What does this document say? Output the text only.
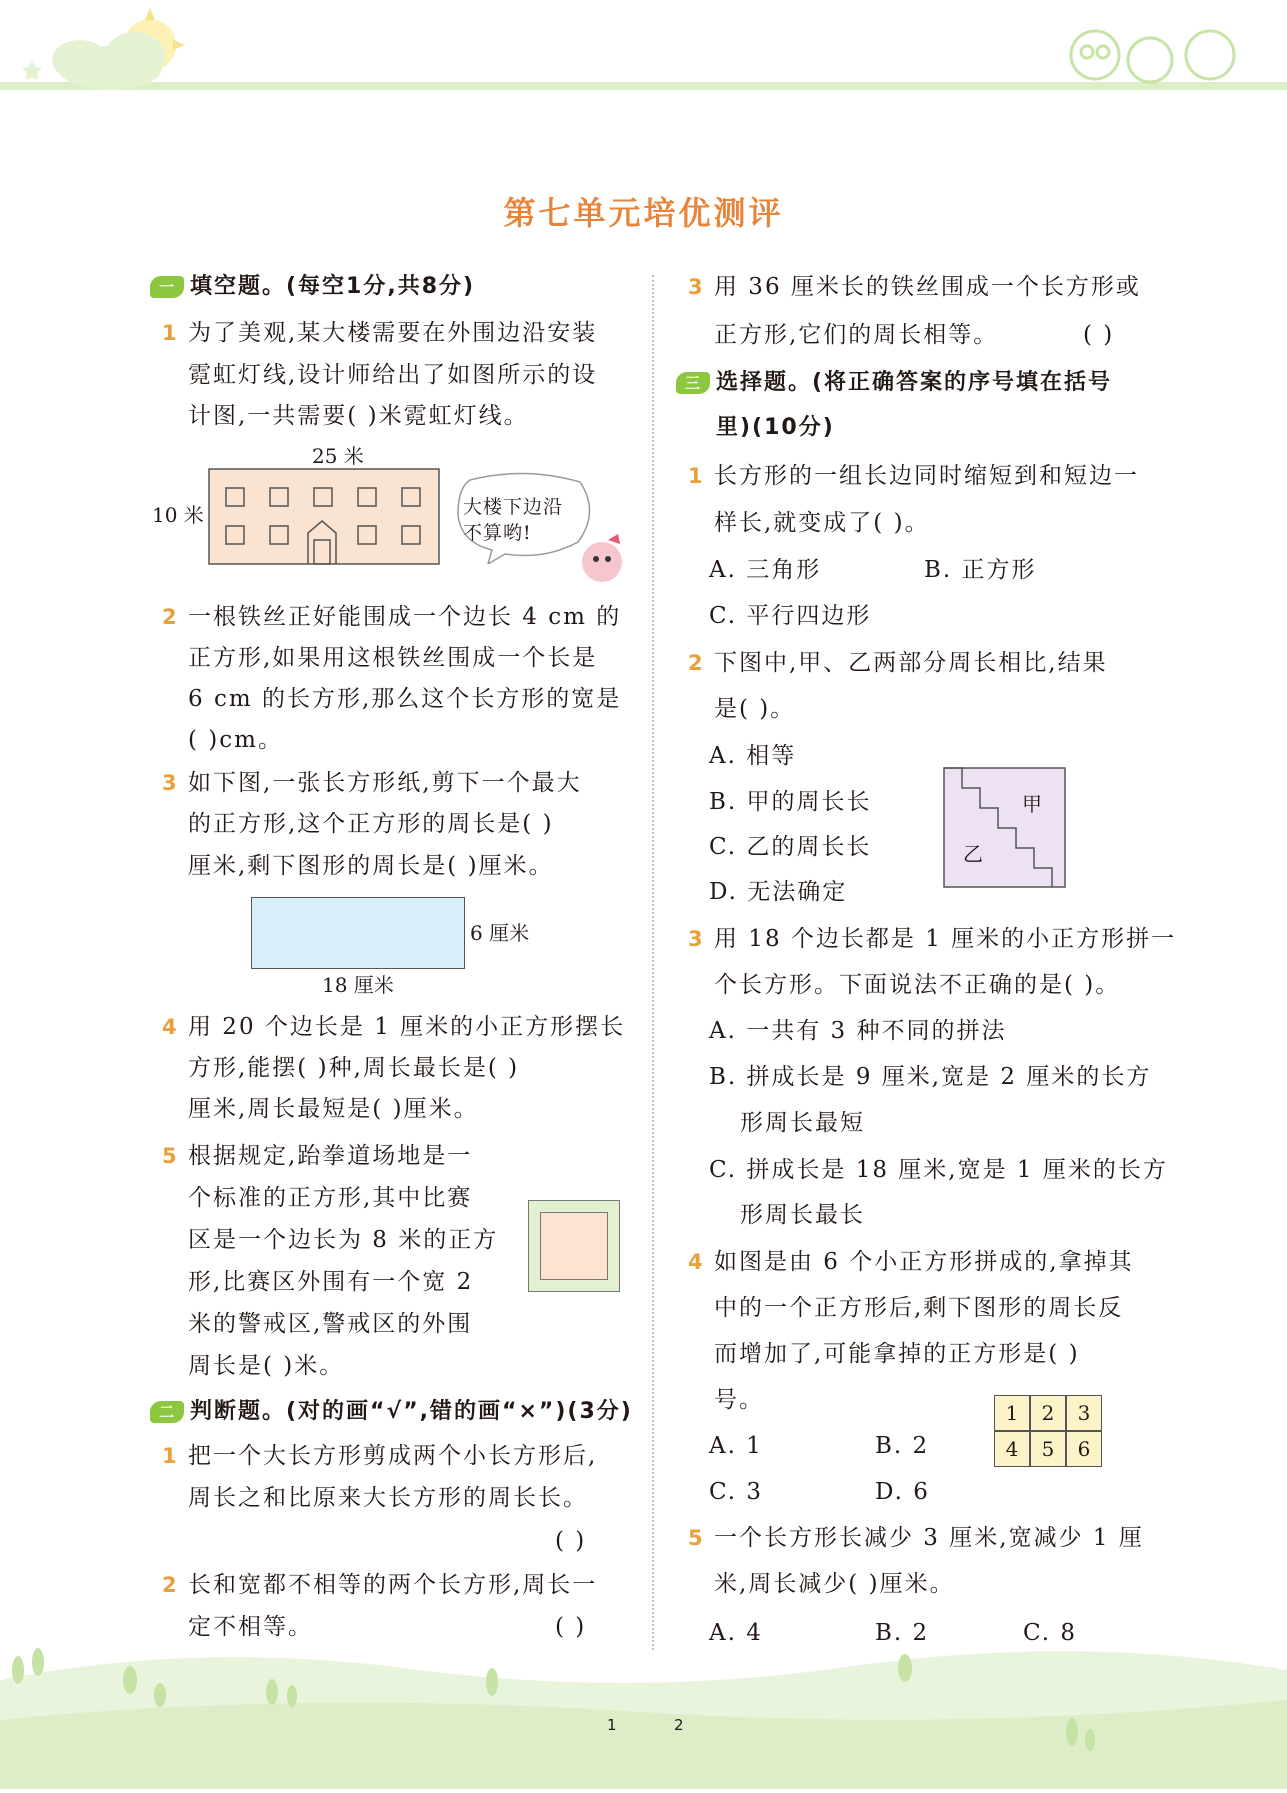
第七单元培优测评
一 填空题。(每空1分,共8分)
1 为了美观,某大楼需要在外围边沿安装
霓虹灯线,设计师给出了如图所示的设
计图,一共需要( )米霓虹灯线。
25 米
10 米	大楼下边沿
不算哟!
2 一根铁丝正好能围成一个边长 4 cm 的
正方形,如果用这根铁丝围成一个长是
6 cm 的长方形,那么这个长方形的宽是
( )cm。
3 如下图,一张长方形纸,剪下一个最大
的正方形,这个正方形的周长是( )
厘米,剩下图形的周长是( )厘米。
6 厘米
18 厘米
4 用 20 个边长是 1 厘米的小正方形摆长
方形,能摆( )种,周长最长是( )
厘米,周长最短是( )厘米。
5 根据规定,跆拳道场地是一
个标准的正方形,其中比赛
区是一个边长为 8 米的正方
形,比赛区外围有一个宽 2
米的警戒区,警戒区的外围
周长是( )米。
二 判断题。(对的画“√”,错的画“×”)(3分)
1 把一个大长方形剪成两个小长方形后,
周长之和比原来大长方形的周长长。
( )
2 长和宽都不相等的两个长方形,周长一
定不相等。	( )
3 用 36 厘米长的铁丝围成一个长方形或
正方形,它们的周长相等。	( )
三 选择题。(将正确答案的序号填在括号
里)(10分)
1 长方形的一组长边同时缩短到和短边一
样长,就变成了( )。
A. 三角形	B. 正方形
C. 平行四边形
2 下图中,甲、乙两部分周长相比,结果
是( )。
A. 相等
B. 甲的周长长
C. 乙的周长长
D. 无法确定
甲
乙
3 用 18 个边长都是 1 厘米的小正方形拼一
个长方形。下面说法不正确的是( )。
A. 一共有 3 种不同的拼法
B. 拼成长是 9 厘米,宽是 2 厘米的长方
形周长最短
C. 拼成长是 18 厘米,宽是 1 厘米的长方
形周长最长
4 如图是由 6 个小正方形拼成的,拿掉其
中的一个正方形后,剩下图形的周长反
而增加了,可能拿掉的正方形是( )
号。	1	2	3
4	5	6
A. 1	B. 2
C. 3	D. 6
5 一个长方形长减少 3 厘米,宽减少 1 厘
米,周长减少( )厘米。
A. 4	B. 2	C. 8
1	2
